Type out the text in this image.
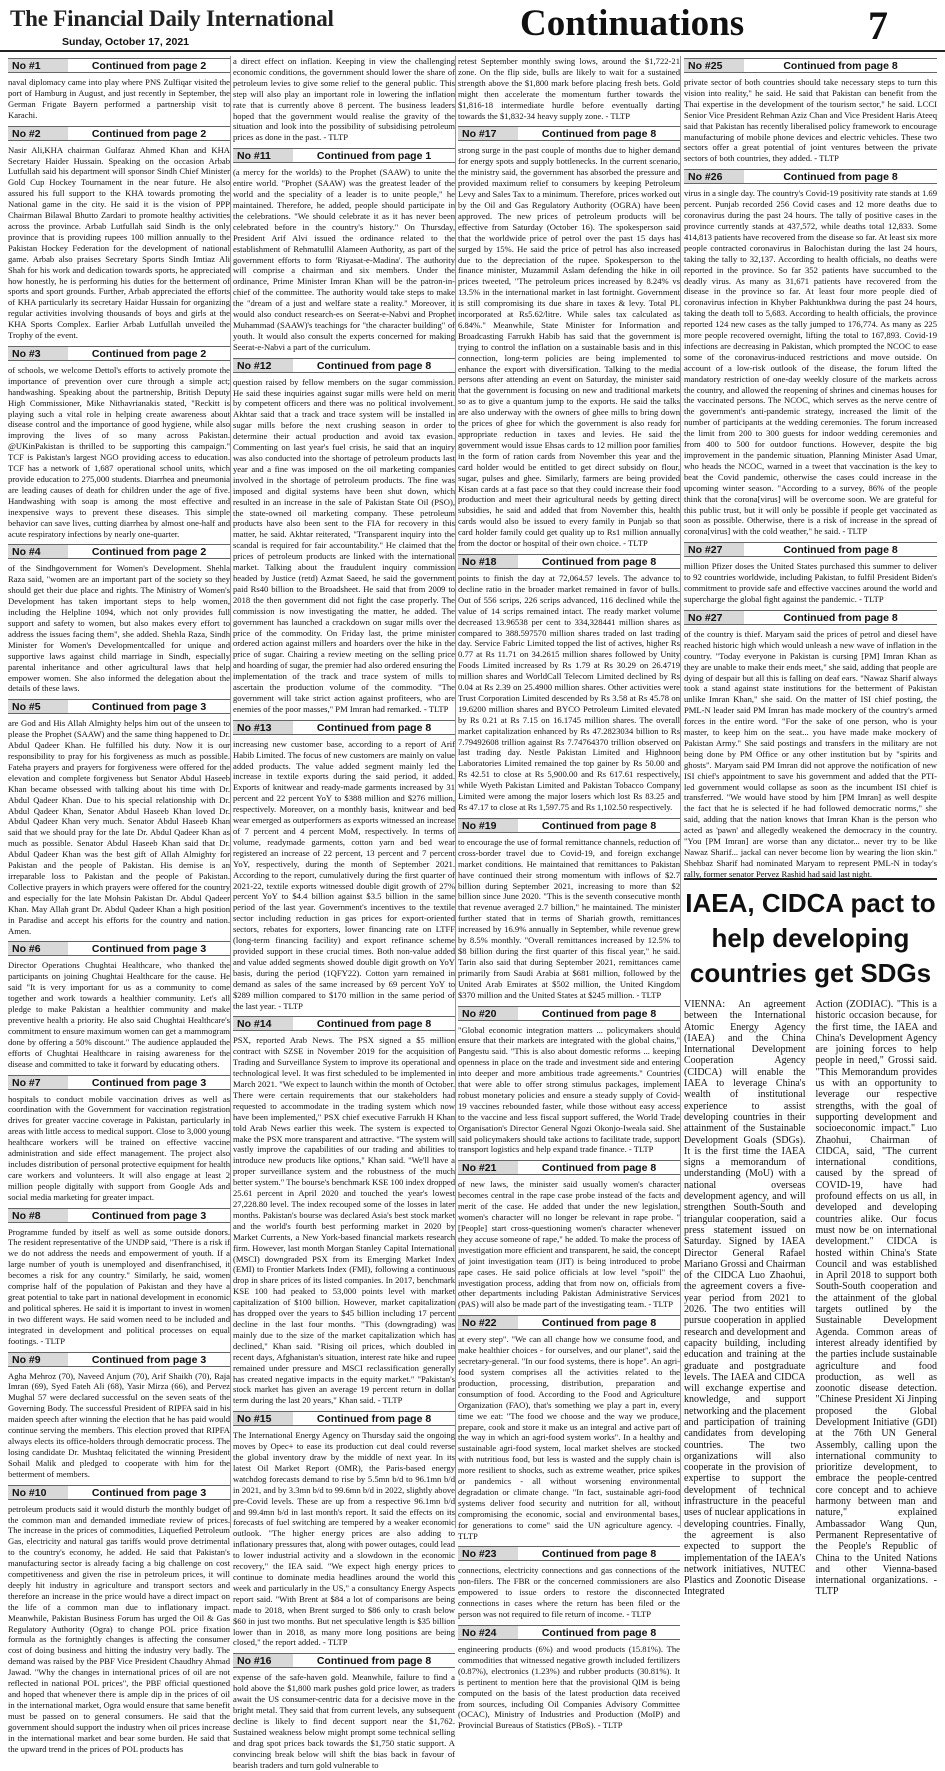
The Financial Daily International
Sunday, October 17, 2021	Continuations	7
No #1	Continued from page 2
naval diplomacy came into play where PNS Zulfiqar visited the port of Hamburg in August, and just recently in September, the German Frigate Bayern performed a partnership visit to Karachi.
No #2	Continued from page 2
Nasir Ali,KHA chairman Gulfaraz Ahmed Khan and KHA Secretary Haider Hussain. Speaking on the occasion Arbab Lutfullah said his department will sponsor Sindh Chief Minister Gold Cup Hockey Tournament in the near future. He also assured his full support to the KHA towards promoting the National game in the city. He said it is the vision of PPP Chairman Bilawal Bhutto Zardari to promote healthy activities across the province. Arbab Lutfullah said Sindh is the only province that is providing rupees 100 million annually to the Pakistan Hockey Federation for the development of national game. Arbab also praises Secretary Sports Sindh Imtiaz Ali Shah for his work and dedication towards sports, he appreciated how honestly, he is performing his duties for the betterment of sports and sport grounds. Further, Arbab appreciated the efforts of KHA particularly its secretary Haidar Hussain for organizing regular activities involving thousands of boys and girls at the KHA Sports Complex. Earlier Arbab Lutfullah unveiled the Trophy of the event.
No #3	Continued from page 2
of schools, we welcome Dettol's efforts to actively promote the importance of prevention over cure through a simple act; handwashing. Speaking about the partnership, British Deputy High Commissioner, Mike Nithavrianakis stated, "Reckitt is playing such a vital role in helping create awareness about disease control and the importance of good hygiene, while also improving the lives of so many across Pakistan. @UKinPakistan is thrilled to be supporting this campaign." TCF is Pakistan's largest NGO providing access to education. TCF has a network of 1,687 operational school units, which provide education to 275,000 students. Diarrhea and pneumonia are leading causes of death for children under the age of five. Handwashing with soap is among the most effective and inexpensive ways to prevent these diseases. This simple behavior can save lives, cutting diarrhea by almost one-half and acute respiratory infections by nearly one-quarter.
No #4	Continued from page 2
of the Sindhgovernment for Women's Development. Shehla Raza said, "women are an important part of the society so they should get their due place and rights. The Ministry of Women's Development has taken important steps to help women, including the Helpline 1094, which not only provides full support and safety to women, but also makes every effort to address the issues facing them", she added. Shehla Raza, Sindh Minister for Women's Developmentcalled for unique and supportive laws against child marriage in Sindh, especially parental inheritance and other agricultural laws that help empower women. She also informed the delegation about the details of these laws.
No #5	Continued from page 3
are God and His Allah Almighty helps him out of the unseen to please the Prophet (SAAW) and the same thing happened to Dr. Abdul Qadeer Khan. He fulfilled his duty. Now it is our responsibility to pray for his forgiveness as much as possible. Fateha prayers and prayers for forgiveness were offered for the elevation and complete forgiveness but Senator Abdul Haseeb Khan became obsessed with talking about his time with Dr. Abdul Qadeer Khan. Due to his special relationship with Dr. Abdul Qadeer Khan, Senator Abdul Haseeb Khan loved Dr. Abdul Qadeer Khan very much. Senator Abdul Haseeb Khan said that we should pray for the late Dr. Abdul Qadeer Khan as much as possible. Senator Abdul Haseeb Khan said that Dr. Abdul Qadeer Khan was the best gift of Allah Almighty for Pakistan and the people of Pakistan. His demise is an irreparable loss to Pakistan and the people of Pakistan. Collective prayers in which prayers were offered for the country and especially for the late Mohsin Pakistan Dr. Abdul Qadeer Khan. May Allah grant Dr. Abdul Qadeer Khan a high position in Paradise and accept his efforts for the country and nation. Amen.
No #6	Continued from page 3
Director Operations Chughtai Healthcare, who thanked the participants on joining Chughtai Healthcare for the cause. He said "It is very important for us as a community to come together and work towards a healthier community. Let's all pledge to make Pakistan a healthier community and make preventive health a priority. He also said Chughtai Healthcare's commitment to ensure maximum women can get a mammogram done by offering a 50% discount." The audience applauded the efforts of Chughtai Healthcare in raising awareness for the disease and committed to take it forward by educating others.
No #7	Continued from page 3
hospitals to conduct mobile vaccination drives as well as coordination with the Government for vaccination registration drives for greater vaccine coverage in Pakistan, particularly in areas with little access to medical support. Close to 3,000 young healthcare workers will be trained on effective vaccine administration and side effect management. The project also includes distribution of personal protective equipment for health care workers and volunteers. It will also engage at least 2 million people digitally with support from Google Ads and social media marketing for greater impact.
No #8	Continued from page 3
Programme funded by itself as well as some outside donors. The resident representative of the UNDP said, "There is a risk if we do not address the needs and empowerment of youth. If a large number of youth is unemployed and disenfranchised, it becomes a risk for any country." Similarly, he said, women comprise half of the population of Pakistan and they have a great potential to take part in national development in economic and political spheres. He said it is important to invest in women in two different ways. He said women need to be included and integrated in development and political processes on equal footings. - TLTP
No #9	Continued from page 3
Agha Mehroz (70), Naveed Anjum (70), Arif Shaikh (70), Raja Imran (69), Syed Fateh Ali (68), Yasir Mirza (66), and Pervez Mughal 57 were declared successful on the seven seats of the Governing Body. The successful President of RIPFA said in his maiden speech after winning the election that he has paid would continue serving the members. This election proved that RIPFA always elects its office-holders through democratic process. The losing candidate Dr. Mushtaq felicitated the winning President Sohail Malik and pledged to cooperate with him for the betterment of members.
No #10	Continued from page 3
petroleum products said it would disturb the monthly budget of the common man and demanded immediate review of prices. The increase in the prices of commodities, Liquefied Petroleum Gas, electricity and natural gas tariffs would prove detrimental to the country's economy, he added. He said that Pakistan's manufacturing sector is already facing a big challenge on cost competitiveness and given the rise in petroleum prices, it will deeply hit industry in agriculture and transport sectors and therefore an increase in the price would have a direct impact on the life of a common man due to inflationary impact. Meanwhile, Pakistan Business Forum has urged the Oil & Gas Regulatory Authority (Ogra) to change POL price fixation formula as the fortnightly changes is affecting the consumer cost of doing business and hitting the industry very badly. The demand was raised by the PBF Vice President Chaudhry Ahmad Jawad. "Why the changes in international prices of oil are not reflected in national POL prices", the PBF official questioned and hoped that whenever there is ample dip in the prices of oil in the international market, Ogra would ensure that same benefit must be passed on to general consumers. He said that the government should support the industry when oil prices increase in the international market and bear some burden. He said that the upward trend in the prices of POL products has
a direct effect on inflation. Keeping in view the challenging economic conditions, the government should lower the share of petroleum levies to give some relief to the general public. This step will also play an important role in lowering the inflation rate that is currently above 8 percent. The business leaders hoped that the government would realise the gravity of the situation and look into the possibility of subsidising petroleum prices as done in the past. - TLTP
No #11	Continued from page 1
(a mercy for the worlds) to the Prophet (SAAW) to unite the entire world. "Prophet (SAAW) was the greatest leader of the world and the speciality of a leader is to unite people," he maintained. Therefore, he added, people should participate in the celebrations. "We should celebrate it as it has never been celebrated before in the country's history." On Thursday, President Arif Alvi issued the ordinance related to the establishment of Rehmatullil Alameen Authority, as part of the government efforts to form 'Riyasat-e-Madina'. The authority will comprise a chairman and six members. Under the ordinance, Prime Minister Imran Khan will be the patron-in-chief of the committee. The authority would take steps to make the "dream of a just and welfare state a reality." Moreover, it would also conduct research-es on Seerat-e-Nabvi and Prophet Muhammad (SAAW)'s teachings for "the character building" of youth. It would also consult the experts concerned for making Seerat-e-Nabvi a part of the curriculum.
No #12	Continued from page 8
question raised by fellow members on the sugar commission. He said these inquiries against sugar mills were held on merit by competent officers and there was no political involvement. Akhtar said that a track and trace system will be installed in sugar mills before the next crushing season in order to determine their actual production and avoid tax evasion. Commenting on last year's fuel crisis, he said that an inquiry was also conducted into the shortage of petroleum products last year and a fine was imposed on the oil marketing companies involved in the shortage of petroleum products. The fine was imposed and digital systems have been shut down, which resulted in an increase in the sale of Pakistan State Oil (PSO), the state-owned oil marketing company. These petroleum products have also been sent to the FIA for recovery in this matter, he said. Akhtar reiterated, "Transparent inquiry into the scandal is required for fair accountability." He claimed that the prices of petroleum products are linked with the international market. Talking about the fraudulent inquiry commission headed by Justice (retd) Azmat Saeed, he said the government paid Rs40 billion to the Broadsheet. He said that from 2009 to 2018 the then government did not fight the case properly. The commission is now investigating the matter, he added. The government has launched a crackdown on sugar mills over the price of the commodity. On Friday last, the prime minister ordered action against millers and hoarders over the hike in the price of sugar. Chairing a review meeting on the selling price and hoarding of sugar, the premier had also ordered ensuring the implementation of the track and trace system of mills to ascertain the production volume of the commodity. "The government will take strict action against profiteers, who are enemies of the poor masses," PM Imran had remarked. - TLTP
No #13	Continued from page 8
increasing new customer base, according to a report of Arif Habib Limited. The focus of new customers are mainly on value added products. The value added segment mainly led the increase in textile exports during the said period, it added. Exports of knitwear and ready-made garments increased by 31 percent and 22 percent YoY to $388 million and $276 million, respectively. Moreover, on a monthly basis, knitwear and bed wear emerged as outperformers as exports witnessed an increase of 7 percent and 4 percent MoM, respectively. In terms of volume, readymade garments, cotton yarn and bed wear registered an increase of 22 percent, 13 percent and 7 percent YoY, respectively, during the month of September 2021. According to the report, cumulatively during the first quarter of 2021-22, textile exports witnessed double digit growth of 27% percent YoY to $4.4 billion against $3.5 billion in the same period of the last year. Government's incentives to the textile sector including reduction in gas prices for export-oriented sectors, rebates for exporters, lower financing rate on LTFF (long-term financing facility) and export refinance scheme provided support in these crucial times. Both non-value added and value added segments showed double digit growth on YoY basis, during the period (1QFY22). Cotton yarn remained in demand as sales of the same increased by 69 percent YoY to $289 million compared to $170 million in the same period of the last year. - TLTP
No #14	Continued from page 8
PSX, reported Arab News. The PSX signed a $5 million contract with SZSE in November 2019 for the acquisition of Trading and Surveillance System to improve its operational and technological level. It was first scheduled to be implemented in March 2021. "We expect to launch within the month of October. There were certain requirements that our stakeholders had requested to accommodate in the trading system which now have been implemented," PSX chief executive Farrukh H Khan told Arab News earlier this week. The system is expected to make the PSX more transparent and attractive. "The system will vastly improve the capabilities of our trading and abilities to introduce new products like options," Khan said. "We'll have a proper surveillance system and the robustness of the much better system." The bourse's benchmark KSE 100 index dropped 25.61 percent in April 2020 and touched the year's lowest 27,228.80 level. The index recouped some of the losses in later months. Pakistan's bourse was declared Asia's best stock market and the world's fourth best performing market in 2020 by Market Currents, a New York-based financial markets research firm. However, last month Morgan Stanley Capital International (MSCI) downgraded PSX from its Emerging Market Index (EMI) to Frontier Markets Index (FMI), following a continuous drop in share prices of its listed companies. In 2017, benchmark KSE 100 had peaked to 53,000 points level with market capitalization of $100 billion. However, market capitalization has dropped over the years to $45 billion including 17 percent decline in the last four months. "This (downgrading) was mainly due to the size of the market capitalization which has declined," Khan said. "Rising oil prices, which doubled in recent days, Afghanistan's situation, interest rate hike and rupee remained under pressure and MSCI reclassification generally has created negative impacts in the equity market." "Pakistan's stock market has given an average 19 percent return in dollar term during the last 20 years," Khan said. - TLTP
No #15	Continued from page 8
The International Energy Agency on Thursday said the ongoing moves by Opec+ to ease its production cut deal could reverse the global inventory draw by the middle of next year. In its latest Oil Market Report (OMR), the Paris-based energy watchdog forecasts demand to rise by 5.5mn b/d to 96.1mn b/d in 2021, and by 3.3mn b/d to 99.6mn b/d in 2022, slightly above pre-Covid levels. These are up from a respective 96.1mn b/d and 99.4mn b/d in last month's report. It said the effects on its forecasts of fuel switching are tempered by a weaker economic outlook. "The higher energy prices are also adding to inflationary pressures that, along with power outages, could lead to lower industrial activity and a slowdown in the economic recovery," the IEA said. "We expect high energy prices to continue to dominate media headlines around the world this week and particularly in the US," a consultancy Energy Aspects report said. "With Brent at $84 a lot of comparisons are being made to 2018, when Brent surged to $86 only to crash below $60 in just two months. But net speculative length is $35 billion lower than in 2018, as many more long positions are being closed," the report added. - TLTP
No #16	Continued from page 8
expense of the safe-haven gold. Meanwhile, failure to find a hold above the $1,800 mark pushes gold price lower, as traders await the US consumer-centric data for a decisive move in the bright metal. They said that from current levels, any subsequent decline is likely to find decent support near the $1,762. Sustained weakness below might prompt some technical selling and drag spot prices back towards the $1,750 static support. A convincing break below will shift the bias back in favour of bearish traders and turn gold vulnerable to
retest September monthly swing lows, around the $1,722-21 zone. On the flip side, bulls are likely to wait for a sustained strength above the $1,800 mark before placing fresh bets. Gold might then accelerate the momentum further towards the $1,816-18 intermediate hurdle before eventually darting towards the $1,832-34 heavy supply zone. - TLTP
No #17	Continued from page 8
strong surge in the past couple of months due to higher demand for energy spots and supply bottlenecks. In the current scenario, the ministry said, the government has absorbed the pressure and provided maximum relief to consumers by keeping Petroleum Levy and Sales Tax to a minimum. Therefore, prices worked out by the Oil and Gas Regulatory Authority (OGRA) have been approved. The new prices of petroleum products will be effective from Saturday (October 16). The spokesperson said that the worldwide price of petrol over the past 15 days has surged by 15%. He said the price of petrol has also increased due to the depreciation of the rupee. Spokesperson to the finance minister, Muzammil Aslam defending the hike in oil prices tweeted, "The petroleum prices increased by 8.24% vs 13.5% in the international market in last fortnight. Government is still compromising its due share in taxes & levy. Total PL incorporated at Rs5.62/litre. While sales tax calculated as 6.84%." Meanwhile, State Minister for Information and Broadcasting Farrukh Habib has said that the government is trying to control the inflation on a sustainable basis and in this connection, long-term policies are being implemented to enhance the export with diversification. Talking to the media persons after attending an event on Saturday, the minister said that the government is focusing on new and traditional markets so as to give a quantum jump to the exports. He said the talks are also underway with the owners of ghee mills to bring down the prices of ghee for which the government is also ready for appropriate reduction in taxes and levies. He said the government would issue Ehsas cards to 12 million poor families in the form of ration cards from November this year and the card holder would be entitled to get direct subsidy on flour, sugar, pulses and ghee. Similarly, farmers are being provided Kisan cards at a fast pace so that they could increase their food production and meet their agricultural needs by getting direct subsidies, he said and added that from November this, health cards would also be issued to every family in Punjab so that card holder family could get quality up to Rs1 million annually from the doctor or hospital of their own choice. - TLTP
No #18	Continued from page 8
points to finish the day at 72,064.57 levels. The advance to decline ratio in the broader market remained in favor of bulls. Out of 556 scrips, 226 scrips advanced, 116 declined while the value of 14 scrips remained intact. The ready market volume decreased 13.96538 per cent to 334,328441 million shares as compared to 388.597570 million shares traded on last trading day. Service Fabric Limited topped the list of actives, higher Rs 0.77 at Rs 11.71 on 34.2615 million shares followed by Unity Foods Limited increased by Rs 1.79 at Rs 30.29 on 26.4719 million shares and WorldCall Telecom Limited declined by Rs 0.04 at Rs 2.39 on 25.4900 million shares. Other activities were Trust Corporation Limited descended by Rs 3.58 at Rs 45.78 on 19.6200 million shares and BYCO Petroleum Limited elevated by Rs 0.21 at Rs 7.15 on 16.1745 million shares. The overall market capitalization enhanced by Rs 47.2823034 billion to Rs 7.79492608 trillion against Rs 7.74764370 trillion observed on last trading day. Nestle Pakistan Limited and Highnoon Laboratories Limited remained the top gainer by Rs 50.00 and Rs 42.51 to close at Rs 5,900.00 and Rs 617.61 respectively, while Wyeth Pakistan Limited and Pakistan Tobacco Company Limited were among the major losers which lost Rs 83.25 and Rs 47.17 to close at Rs 1,597.75 and Rs 1,102.50 respectively.
No #19	Continued from page 8
to encourage the use of formal remittance channels, reduction of cross-border travel due to Covid-19, and foreign exchange market conditions. He maintained that remittances to Pakistan have continued their strong momentum with inflows of $2.7 billion during September 2021, increasing to more than $2 billion since June 2020. "This is the seventh consecutive month that revenue averaged 2.7 billion," he maintained. The minister further stated that in terms of Shariah growth, remittances increased by 16.9% annually in September, while revenue grew by 8.5% monthly. "Overall remittances increased by 12.5% to $8 billion during the first quarter of this fiscal year," he said. Tarin also said that during September 2021, remittances came primarily from Saudi Arabia at $681 million, followed by the United Arab Emirates at $502 million, the United Kingdom $370 million and the United States at $245 million. - TLTP
No #20	Continued from page 8
"Global economic integration matters ... policymakers should ensure that their markets are integrated with the global chains," Pangestu said. "This is also about domestic reforms ... keeping openness in place on the trade and investment side and entering into deeper and more ambitious trade agreements." Countries that were able to offer strong stimulus packages, implement robust monetary policies and ensure a steady supply of Covid-19 vaccines rebounded faster, while those without easy access to the vaccine and less fiscal support suffered, the World Trade Organisation's Director General Ngozi Okonjo-Iweala said. She said policymakers should take actions to facilitate trade, support transport logistics and help expand trade finance. - TLTP
No #21	Continued from page 8
of new laws, the minister said usually women's character becomes central in the rape case probe instead of the facts and merit of the case. He added that under the new legislation, women's character will no longer be relevant in rape probe. "[People] start cross-questioning women's character whenever they accuse someone of rape," he added. To make the process of investigation more efficient and transparent, he said, the concept of joint investigation team (JIT) is being introduced to probe rape cases. He said police officials at low level "spoil" the investigation process, adding that from now on, officials from other departments including Pakistan Administrative Services (PAS) will also be made part of the investigating team. - TLTP
No #22	Continued from page 8
at every step". "We can all change how we consume food, and make healthier choices - for ourselves, and our planet", said the secretary-general. "In our food systems, there is hope". An agri-food system comprises all the activities related to the production, processing, distribution, preparation and consumption of food. According to the Food and Agriculture Organization (FAO), that's something we play a part in, every time we eat: "The food we choose and the way we produce, prepare, cook and store it make us an integral and active part of the way in which an agri-food system works". In a healthy and sustainable agri-food system, local market shelves are stocked with nutritious food, but less is wasted and the supply chain is more resilient to shocks, such as extreme weather, price spikes or pandemics - all without worsening environmental degradation or climate change. "In fact, sustainable agri-food systems deliver food security and nutrition for all, without compromising the economic, social and environmental bases, for generations to come" said the UN agriculture agency. - TLTP
No #23	Continued from page 8
connections, electricity connections and gas connections of the non-filers. The FBR or the concerned commissioners are also empowered to issue orders to restore the disconnected connections in cases where the return has been filed or the person was not required to file return of income. - TLTP
No #24	Continued from page 8
engineering products (6%) and wood products (15.81%). The commodities that witnessed negative growth included fertilizers (0.87%), electronics (1.23%) and rubber products (30.81%). It is pertinent to mention here that the provisional QIM is being computed on the basis of the latest production data received from sources, including Oil Companies Advisory Committee (OCAC), Ministry of Industries and Production (MoIP) and Provincial Bureaus of Statistics (PBoS). - TLTP
No #25	Continued from page 8
private sector of both countries should take necessary steps to turn this vision into reality," he said. He said that Pakistan can benefit from the Thai expertise in the development of the tourism sector," he said. LCCI Senior Vice President Rehman Aziz Chan and Vice President Haris Ateeq said that Pakistan has recently liberalised policy framework to encourage manufacturing of mobile phone devices and electric vehicles. These two sectors offer a great potential of joint ventures between the private sectors of both countries, they added. - TLTP
No #26	Continued from page 8
virus in a single day. The country's Covid-19 positivity rate stands at 1.69 percent. Punjab recorded 256 Covid cases and 12 more deaths due to coronavirus during the past 24 hours. The tally of positive cases in the province currently stands at 437,572, while deaths total 12,833. Some 414,813 patients have recovered from the disease so far. At least six more people contracted coronavirus in Balochistan during the last 24 hours, taking the tally to 32,137. According to health officials, no deaths were reported in the province. So far 352 patients have succumbed to the deadly virus. As many as 31,671 patients have recovered from the disease in the province so far. At least four more people died of coronavirus infection in Khyber Pakhtunkhwa during the past 24 hours, taking the death toll to 5,683. According to health officials, the province reported 124 new cases as the tally jumped to 176,774. As many as 225 more people recovered overnight, lifting the total to 167,893. Covid-19 infections are decreasing in Pakistan, which prompted the NCOC to ease some of the coronavirus-induced restrictions and move outside. On account of a low-risk outlook of the disease, the forum lifted the mandatory restriction of one-day weekly closure of the markets across the country, and allowed the reopening of shrines and cinemas houses for the vaccinated persons. The NCOC, which serves as the nerve centre of the government's anti-pandemic strategy, increased the limit of the number of participants at the wedding ceremonies. The forum increased the limit from 200 to 300 guests for indoor wedding ceremonies and from 400 to 500 for outdoor functions. However, despite the big improvement in the pandemic situation, Planning Minister Asad Umar, who heads the NCOC, warned in a tweet that vaccination is the key to beat the Covid pandemic, otherwise the cases could increase in the upcoming winter season. "According to a survey, 86% of the people think that the corona[virus] will be overcome soon. We are grateful for this public trust, but it will only be possible if people get vaccinated as soon as possible. Otherwise, there is a risk of increase in the spread of corona[virus] with the cold weather," he said. - TLTP
No #27	Continued from page 8
million Pfizer doses the United States purchased this summer to deliver to 92 countries worldwide, including Pakistan, to fulfil President Biden's commitment to provide safe and effective vaccines around the world and supercharge the global fight against the pandemic. - TLTP
No #27	Continued from page 8
of the country is thief. Maryam said the prices of petrol and diesel have reached historic high which would unleash a new wave of inflation in the country. "Today everyone in Pakistan is cursing [PM] Imran Khan as they are unable to make their ends meet," she said, adding that people are dying of despair but all this is falling on deaf ears. "Nawaz Sharif always took a stand against state institutions for the betterment of Pakistan unlike Imran Khan," she said. On the matter of ISI chief posting, the PML-N leader said PM Imran has made mockery of the country's armed forces in the entire word. "For the sake of one person, who is your master, to keep him on the seat... you have made make mockery of Pakistan Army." She said postings and transfers in the military are not being done by PM Office or any other institution but by "spirits and ghosts". Maryam said PM Imran did not approve the notification of new ISI chief's appointment to save his government and added that the PTI-led government would collapse as soon as the incumbent ISI chief is transferred. "We would have stood by him [PM Imran] as well despite the fact that he is selected if he had followed democratic norms," she said, adding that the nation knows that Imran Khan is the person who acted as 'pawn' and allegedly weakened the democracy in the country. "You [PM Imran] are worse than any dictator... never try to be like Nawaz Sharif... jackal can never become lion by wearing the lion skin." Shehbaz Sharif had nominated Maryam to represent PML-N in today's rally, former senator Pervez Rashid had said last night.
IAEA, CIDCA pact to help developing countries get SDGs
VIENNA: An agreement between the International Atomic Energy Agency (IAEA) and the China International Development Cooperation Agency (CIDCA) will enable the IAEA to leverage China's wealth of institutional experience to assist developing countries in their attainment of the Sustainable Development Goals (SDGs). It is the first time the IAEA signs a memorandum of understanding (MoU) with a national overseas development agency, and will strengthen South-South and triangular cooperation, said a press statement issued on Saturday. Signed by IAEA Director General Rafael Mariano Grossi and Chairman of the CIDCA Luo Zhaohui, the agreement covers a five-year period from 2021 to 2026. The two entities will pursue cooperation in applied research and development and capacity building, including education and training at the graduate and postgraduate levels. The IAEA and CIDCA will exchange expertise and knowledge, and support networking and the placement and participation of training candidates from developing countries. The two organizations will also cooperate in the provision of expertise to support the development of technical infrastructure in the peaceful uses of nuclear applications in developing countries. Finally, the agreement is also expected to support the implementation of the IAEA's network initiatives, NUTEC Plastics and Zoonotic Disease Integrated
Action (ZODIAC). "This is a historic occasion because, for the first time, the IAEA and China's Development Agency are joining forces to help people in need," Grossi said. "This Memorandum provides us with an opportunity to leverage our respective strengths, with the goal of supporting development and socioeconomic impact." Luo Zhaohui, Chairman of CIDCA, said, "The current international conditions, caused by the spread of COVID-19, have had profound effects on us all, in developed and developing countries alike. Our focus must now be on international development." CIDCA is hosted within China's State Council and was established in April 2018 to support both South-South cooperation and the attainment of the global targets outlined by the Sustainable Development Agenda. Common areas of interest already identified by the parties include sustainable agriculture and food production, as well as zoonotic disease detection. "Chinese President Xi Jinping proposed the Global Development Initiative (GDI) at the 76th UN General Assembly, calling upon the international community to prioritize development, to embrace the people-centred core concept and to achieve harmony between man and nature," explained Ambassador Wang Qun, Permanent Representative of the People's Republic of China to the United Nations and other Vienna-based international organizations. - TLTP
